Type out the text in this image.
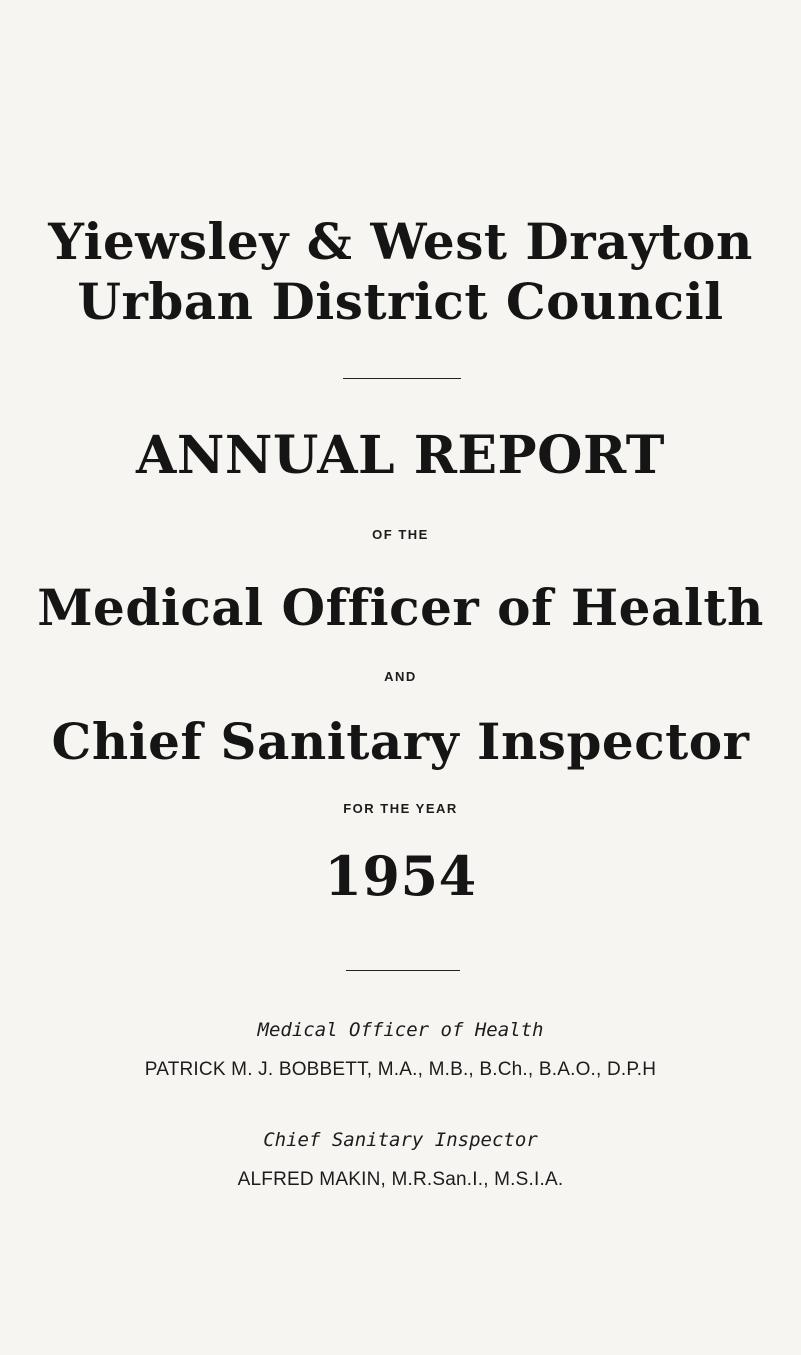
Yiewsley & West Drayton
Urban District Council
ANNUAL REPORT
OF THE
Medical Officer of Health
AND
Chief Sanitary Inspector
FOR THE YEAR
1954
Medical Officer of Health
PATRICK M. J. BOBBETT, M.A., M.B., B.Ch., B.A.O., D.P.H
Chief Sanitary Inspector
ALFRED MAKIN, M.R.San.I., M.S.I.A.
